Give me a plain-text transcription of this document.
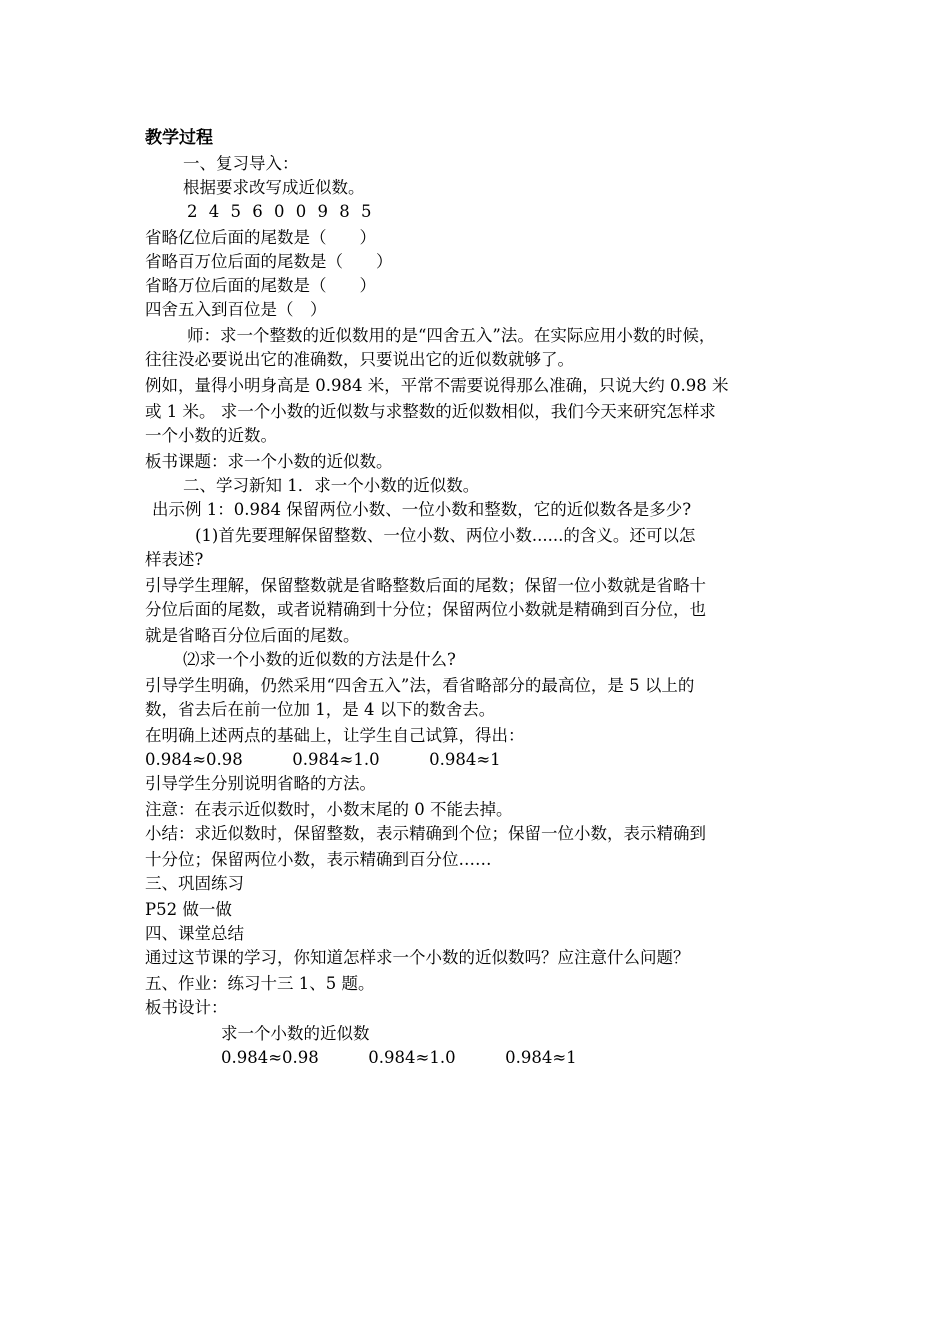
教学过程
一、复习导入：
根据要求改写成近似数。
2 4 5 6 0 0 9 8 5
省略亿位后面的尾数是（　　）
省略百万位后面的尾数是（　　）
省略万位后面的尾数是（　　）
四舍五入到百位是（　）
师：求一个整数的近似数用的是“四舍五入”法。在实际应用小数的时候，
往往没必要说出它的准确数，只要说出它的近似数就够了。
例如，量得小明身高是 0.984 米，平常不需要说得那么准确，只说大约 0.98 米
或 1 米。 求一个小数的近似数与求整数的近似数相似，我们今天来研究怎样求
一个小数的近数。
板书课题：求一个小数的近似数。
二、学习新知 1．求一个小数的近似数。
出示例 1：0.984 保留两位小数、一位小数和整数，它的近似数各是多少?
(1)首先要理解保留整数、一位小数、两位小数......的含义。还可以怎
样表述?
引导学生理解，保留整数就是省略整数后面的尾数；保留一位小数就是省略十
分位后面的尾数，或者说精确到十分位；保留两位小数就是精确到百分位，也
就是省略百分位后面的尾数。
⑵求一个小数的近似数的方法是什么?
引导学生明确，仍然采用“四舍五入”法，看省略部分的最高位，是 5 以上的
数，省去后在前一位加 1，是 4 以下的数舍去。
在明确上述两点的基础上，让学生自己试算，得出：
0.984≈0.98　　　0.984≈1.0　　　0.984≈1
引导学生分别说明省略的方法。
注意：在表示近似数时，小数末尾的 0 不能去掉。
小结：求近似数时，保留整数，表示精确到个位；保留一位小数，表示精确到
十分位；保留两位小数，表示精确到百分位……
三、巩固练习
P52 做一做
四、课堂总结
通过这节课的学习，你知道怎样求一个小数的近似数吗？应注意什么问题？
五、作业：练习十三 1、5 题。
板书设计：
求一个小数的近似数
0.984≈0.98　　　0.984≈1.0　　　0.984≈1
